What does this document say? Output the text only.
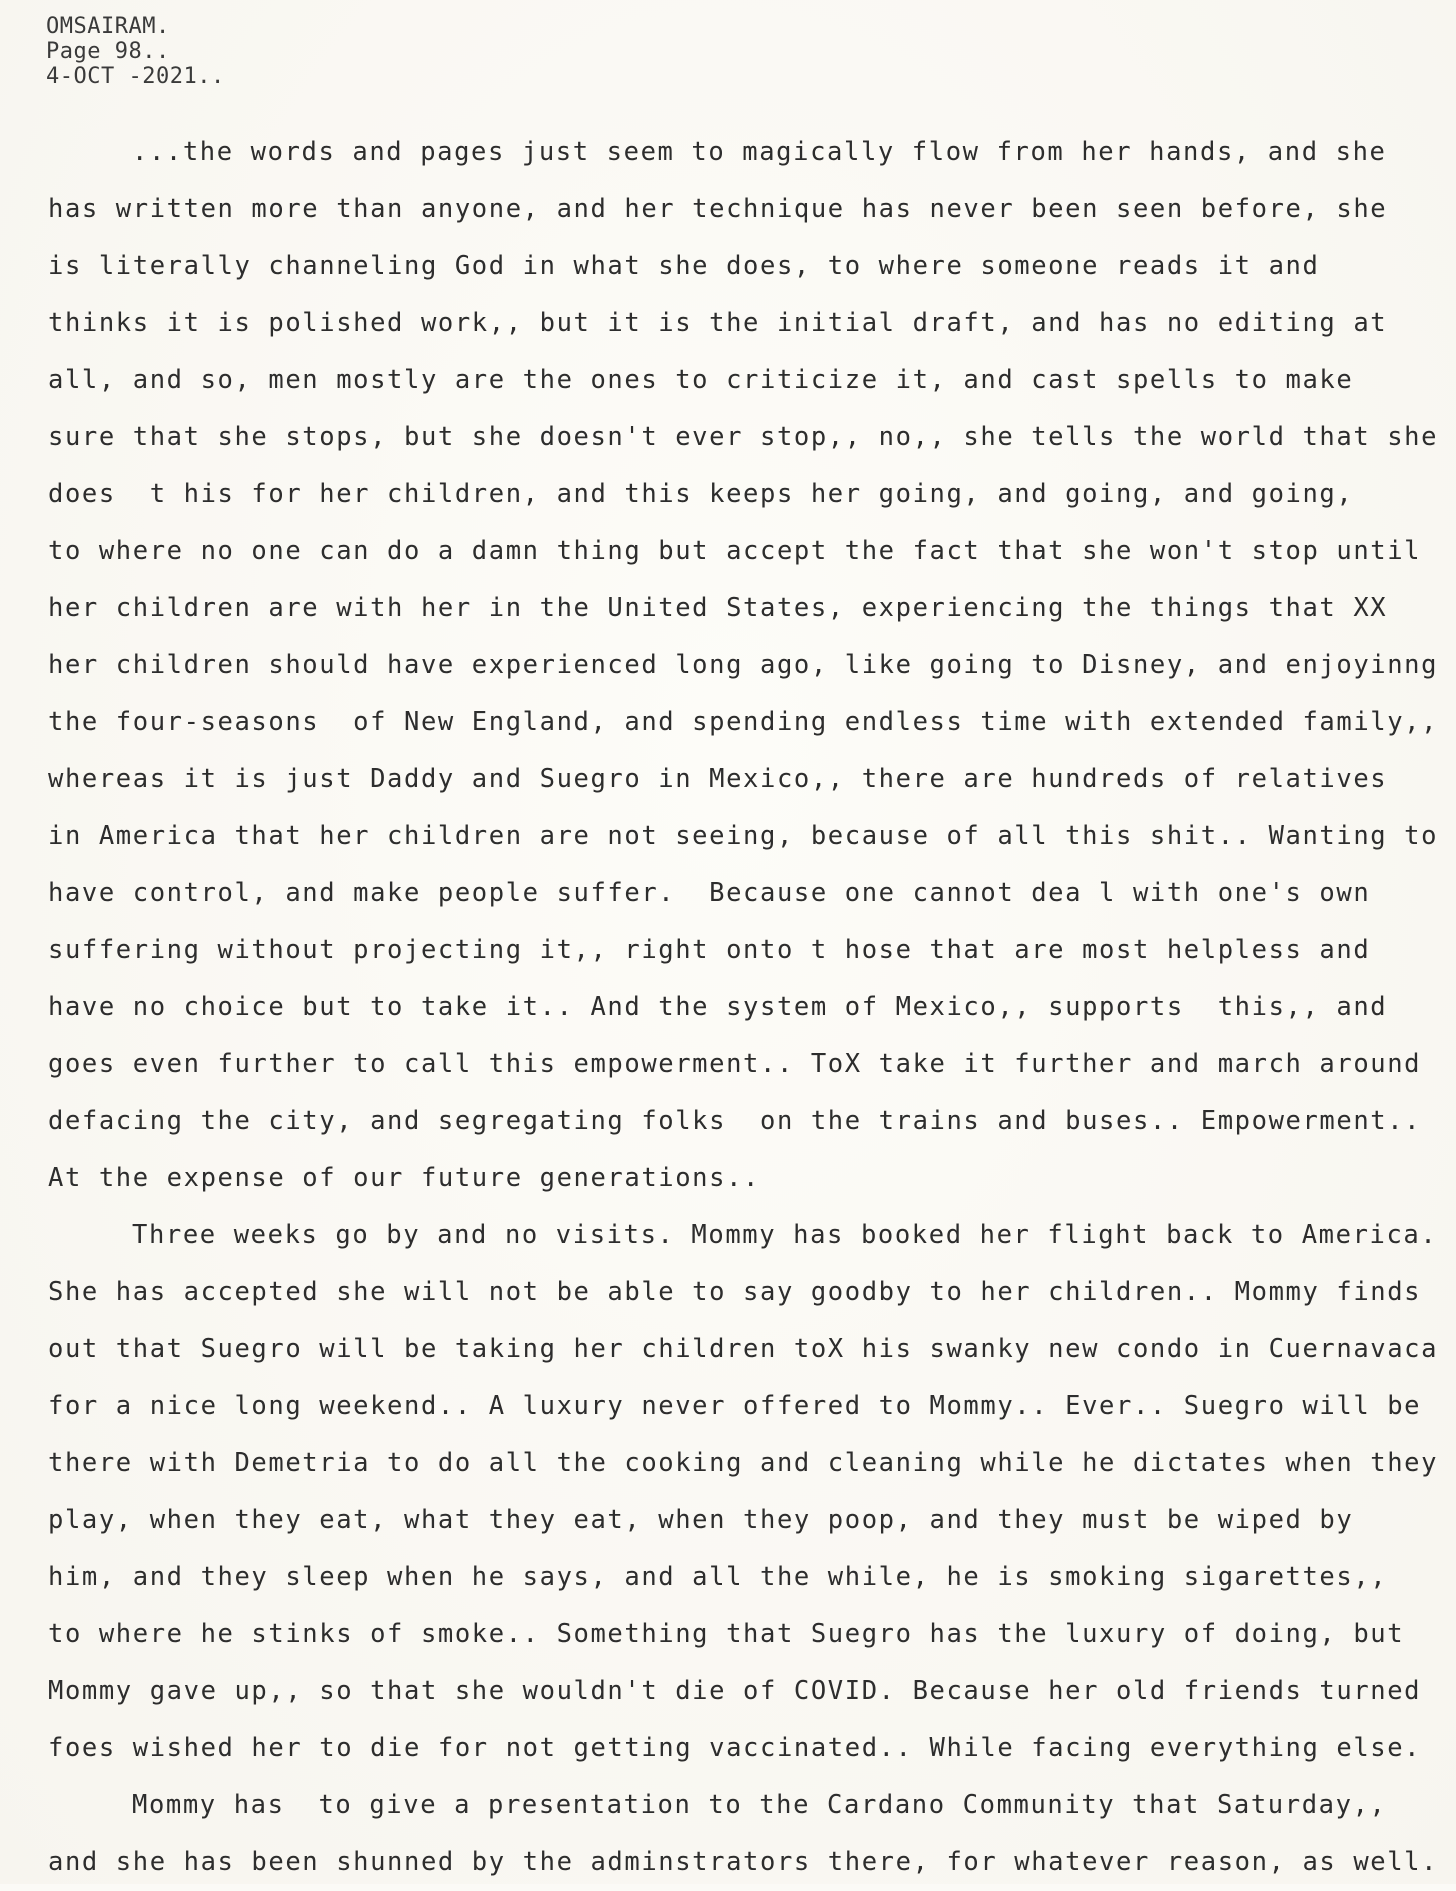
OMSAIRAM.
Page 98..
4-OCT -2021..
...the words and pages just seem to magically flow from her hands, and she
has written more than anyone, and her technique has never been seen before, she
is literally channeling God in what she does, to where someone reads it and
thinks it is polished work,, but it is the initial draft, and has no editing at
all, and so, men mostly are the ones to criticize it, and cast spells to make
sure that she stops, but she doesn't ever stop,, no,, she tells the world that she
does  t his for her children, and this keeps her going, and going, and going,
to where no one can do a damn thing but accept the fact that she won't stop until
her children are with her in the United States, experiencing the things that XX
her children should have experienced long ago, like going to Disney, and enjoyinng
the four-seasons  of New England, and spending endless time with extended family,,
whereas it is just Daddy and Suegro in Mexico,, there are hundreds of relatives
in America that her children are not seeing, because of all this shit.. Wanting to
have control, and make people suffer.  Because one cannot dea l with one's own
suffering without projecting it,, right onto t hose that are most helpless and
have no choice but to take it.. And the system of Mexico,, supports  this,, and
goes even further to call this empowerment.. ToX take it further and march around
defacing the city, and segregating folks  on the trains and buses.. Empowerment..
At the expense of our future generations..
Three weeks go by and no visits. Mommy has booked her flight back to America.
She has accepted she will not be able to say goodby to her children.. Mommy finds
out that Suegro will be taking her children toX his swanky new condo in Cuernavaca
for a nice long weekend.. A luxury never offered to Mommy.. Ever.. Suegro will be
there with Demetria to do all the cooking and cleaning while he dictates when they
play, when they eat, what they eat, when they poop, and they must be wiped by
him, and they sleep when he says, and all the while, he is smoking sigarettes,,
to where he stinks of smoke.. Something that Suegro has the luxury of doing, but
Mommy gave up,, so that she wouldn't die of COVID. Because her old friends turned
foes wished her to die for not getting vaccinated.. While facing everything else.
Mommy has  to give a presentation to the Cardano Community that Saturday,,
and she has been shunned by the adminstrators there, for whatever reason, as well.
